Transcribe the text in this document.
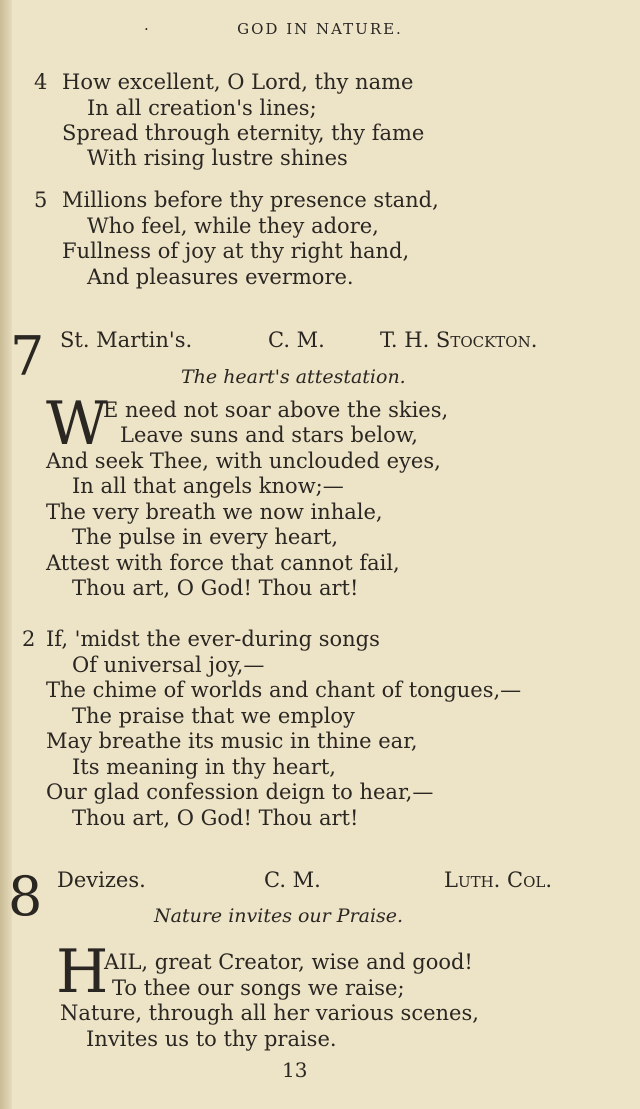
·	GOD IN NATURE.
4 How excellent, O Lord, thy name
In all creation's lines;
Spread through eternity, thy fame
With rising lustre shines
5 Millions before thy presence stand,
Who feel, while they adore,
Fullness of joy at thy right hand,
And pleasures evermore.
7 St. Martin's.	C. M.	T. H. Stockton.
The heart's attestation.
W
E need not soar above the skies,
Leave suns and stars below,
And seek Thee, with unclouded eyes,
In all that angels know;—
The very breath we now inhale,
The pulse in every heart,
Attest with force that cannot fail,
Thou art, O God! Thou art!
2 If, 'midst the ever-during songs
Of universal joy,—
The chime of worlds and chant of tongues,—
The praise that we employ
May breathe its music in thine ear,
Its meaning in thy heart,
Our glad confession deign to hear,—
Thou art, O God! Thou art!
8 Devizes.	C. M.	Luth. Col.
Nature invites our Praise.
H
AIL, great Creator, wise and good!
To thee our songs we raise;
Nature, through all her various scenes,
Invites us to thy praise.
13
